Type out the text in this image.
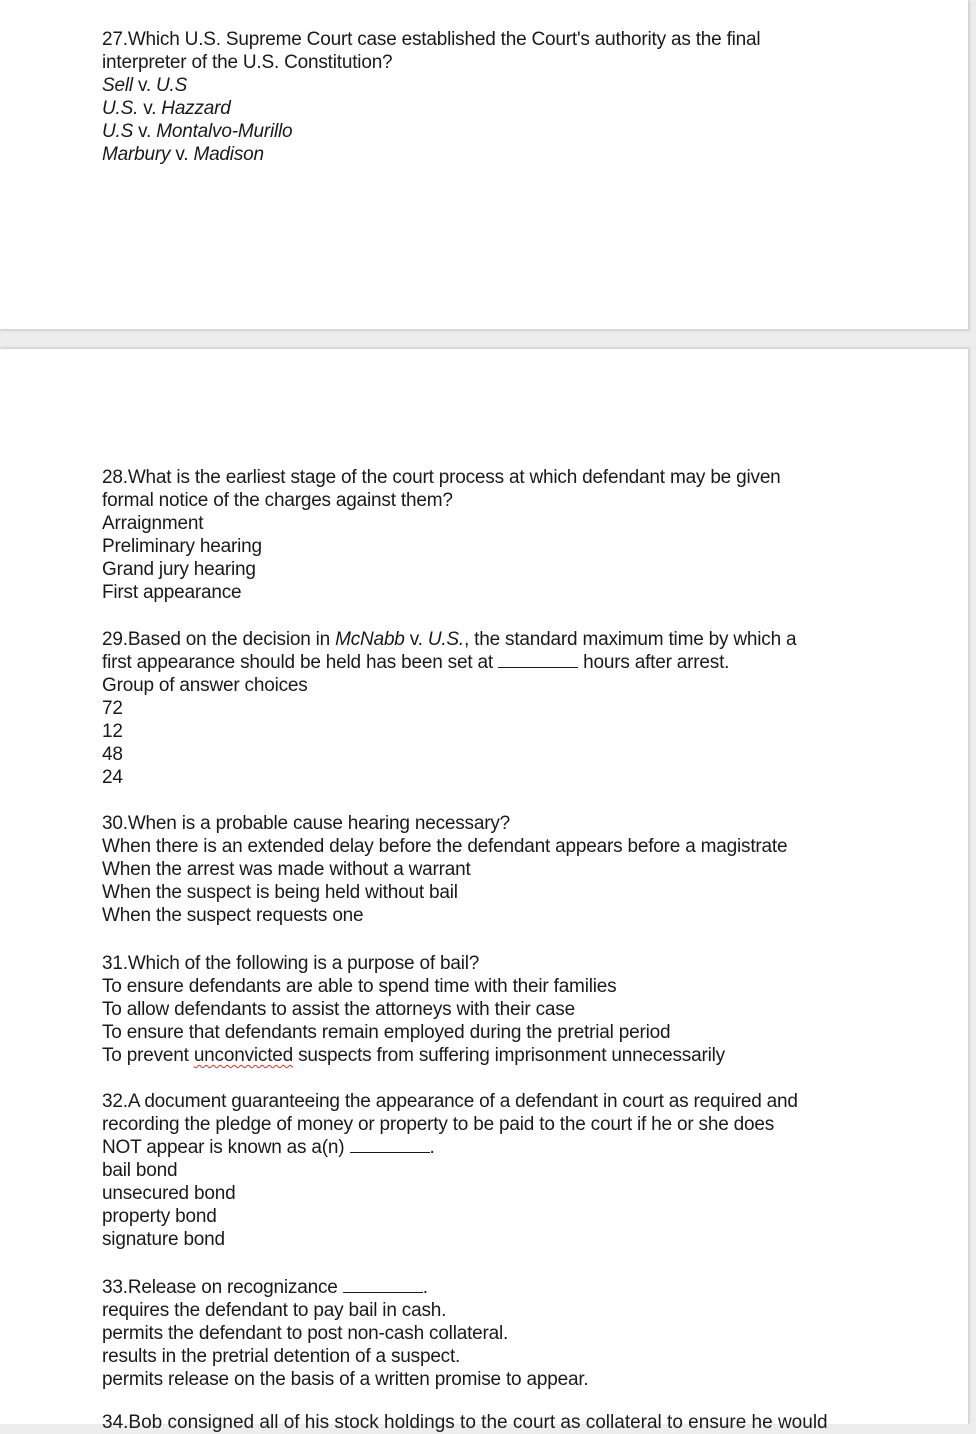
27.Which U.S. Supreme Court case established the Court's authority as the final

interpreter of the U.S. Constitution?

Sell v. U.S

U.S. v. Hazzard

U.S v. Montalvo-Murillo

Marbury v. Madison

28.What is the earliest stage of the court process at which defendant may be given

formal notice of the charges against them?

Arraignment

Preliminary hearing

Grand jury hearing

First appearance

29.Based on the decision in McNabb v. U.S., the standard maximum time by which a

first appearance should be held has been set at	hours after arrest.

Group of answer choices

72

12

48

24

30.When is a probable cause hearing necessary?

When there is an extended delay before the defendant appears before a magistrate

When the arrest was made without a warrant

When the suspect is being held without bail

When the suspect requests one

31.Which of the following is a purpose of bail?

To ensure defendants are able to spend time with their families

To allow defendants to assist the attorneys with their case

To ensure that defendants remain employed during the pretrial period

To prevent unconvicted suspects from suffering imprisonment unnecessarily

32.A document guaranteeing the appearance of a defendant in court as required and

recording the pledge of money or property to be paid to the court if he or she does

NOT appear is known as a(n)	.

bail bond

unsecured bond

property bond

signature bond

33.Release on recognizance	.

requires the defendant to pay bail in cash.

permits the defendant to post non-cash collateral.

results in the pretrial detention of a suspect.

permits release on the basis of a written promise to appear.

34.Bob consigned all of his stock holdings to the court as collateral to ensure he would
